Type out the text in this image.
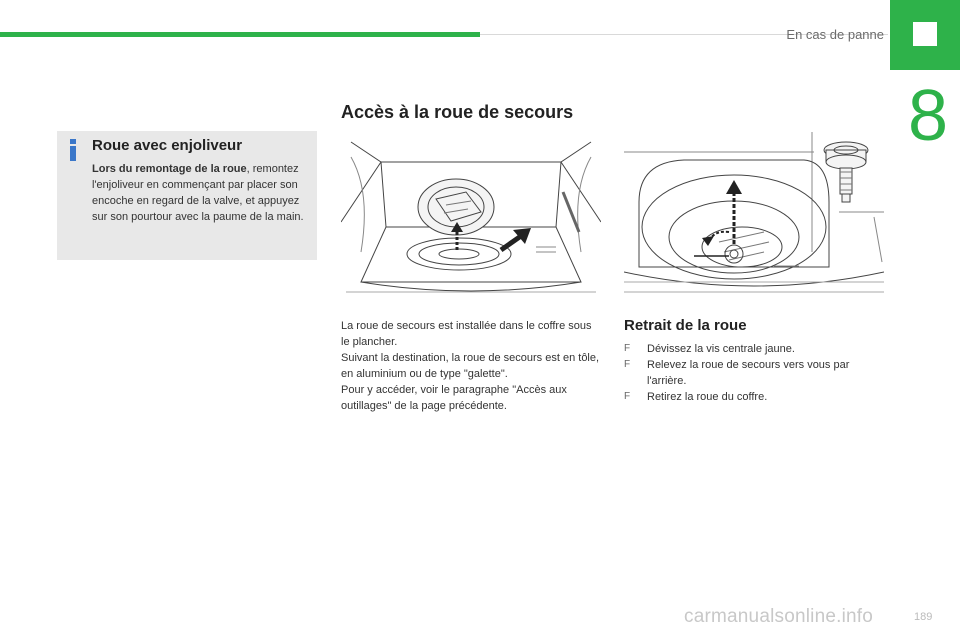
En cas de panne
8
Roue avec enjoliveur
Lors du remontage de la roue, remontez l'enjoliveur en commençant par placer son encoche en regard de la valve, et appuyez sur son pourtour avec la paume de la main.
Accès à la roue de secours

La roue de secours est installée dans le coffre sous le plancher.

Suivant la destination, la roue de secours est en tôle, en aluminium ou de type "galette".

Pour y accéder, voir le paragraphe "Accès aux outillages" de la page précédente.

Retrait de la roue
F Dévissez la vis centrale jaune.
F Relevez la roue de secours vers vous par l'arrière.
F Retirez la roue du coffre.
carmanualsonline.info	189
